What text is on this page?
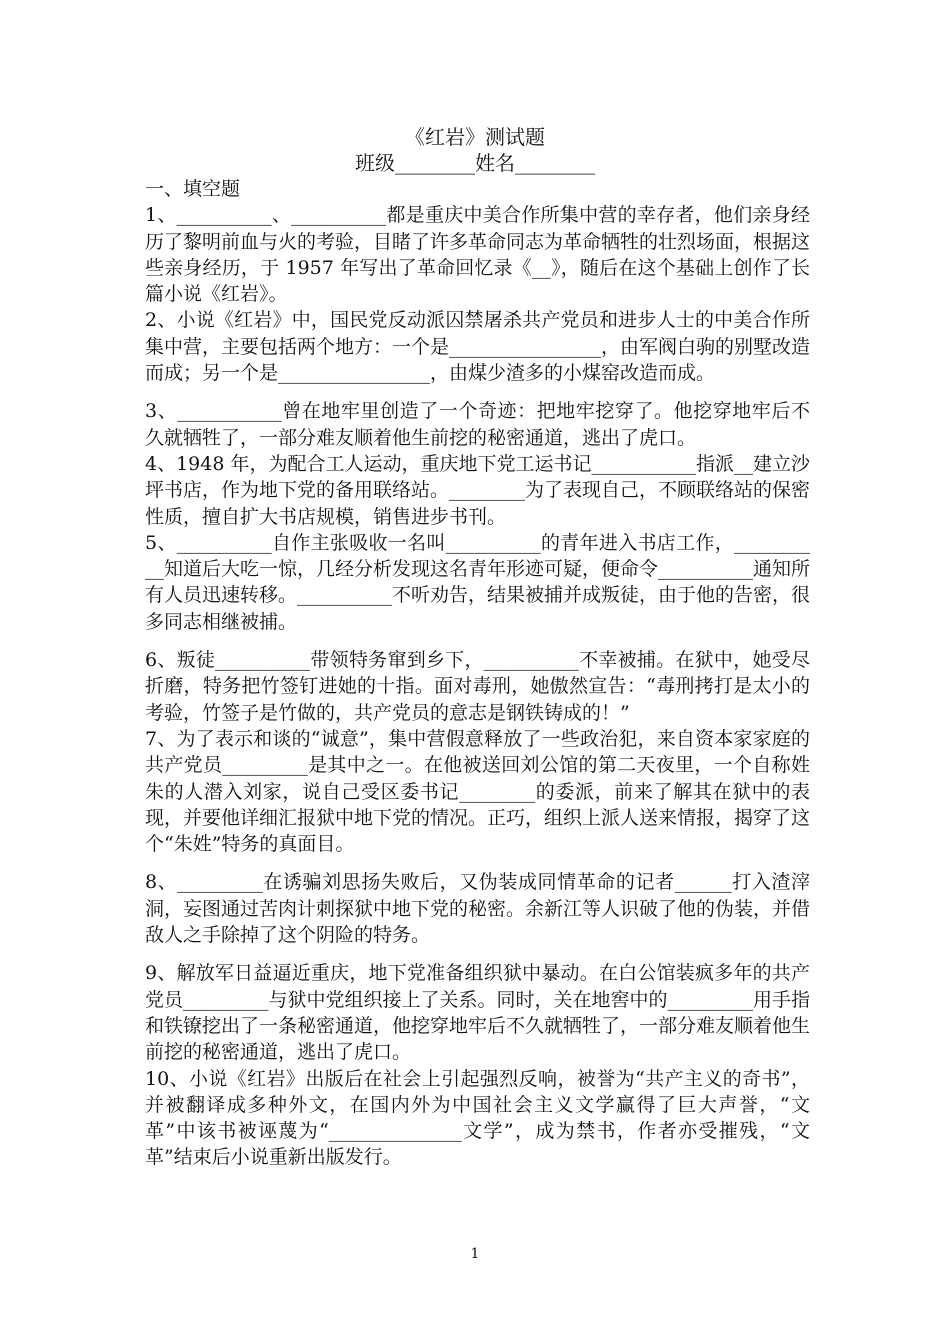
《红岩》测试题
班级________姓名________

一、填空题

1、__________、__________都是重庆中美合作所集中营的幸存者，他们亲身经历了黎明前血与火的考验，目睹了许多革命同志为革命牺牲的壮烈场面，根据这些亲身经历，于 1957 年写出了革命回忆录《__》，随后在这个基础上创作了长篇小说《红岩》。

2、小说《红岩》中，国民党反动派囚禁屠杀共产党员和进步人士的中美合作所集中营，主要包括两个地方：一个是________________，由军阀白驹的别墅改造而成；另一个是________________，由煤少渣多的小煤窑改造而成。

3、___________曾在地牢里创造了一个奇迹：把地牢挖穿了。他挖穿地牢后不久就牺牲了，一部分难友顺着他生前挖的秘密通道，逃出了虎口。

4、1948 年，为配合工人运动，重庆地下党工运书记___________指派__建立沙坪书店，作为地下党的备用联络站。________为了表现自己，不顾联络站的保密性质，擅自扩大书店规模，销售进步书刊。

5、__________自作主张吸收一名叫__________的青年进入书店工作，__________知道后大吃一惊，几经分析发现这名青年形迹可疑，便命令__________通知所有人员迅速转移。__________不听劝告，结果被捕并成叛徒，由于他的告密，很多同志相继被捕。

6、叛徒__________带领特务窜到乡下，__________不幸被捕。在狱中，她受尽折磨，特务把竹签钉进她的十指。面对毒刑，她傲然宣告：“毒刑拷打是太小的考验，竹签子是竹做的，共产党员的意志是钢铁铸成的！”

7、为了表示和谈的“诚意”，集中营假意释放了一些政治犯，来自资本家家庭的共产党员_________是其中之一。在他被送回刘公馆的第二天夜里，一个自称姓朱的人潜入刘家，说自己受区委书记________的委派，前来了解其在狱中的表现，并要他详细汇报狱中地下党的情况。正巧，组织上派人送来情报，揭穿了这个“朱姓”特务的真面目。

8、_________在诱骗刘思扬失败后，又伪装成同情革命的记者______打入渣滓洞，妄图通过苦肉计刺探狱中地下党的秘密。余新江等人识破了他的伪装，并借敌人之手除掉了这个阴险的特务。

9、解放军日益逼近重庆，地下党准备组织狱中暴动。在白公馆装疯多年的共产党员_________与狱中党组织接上了关系。同时，关在地窖中的_________用手指和铁镣挖出了一条秘密通道，他挖穿地牢后不久就牺牲了，一部分难友顺着他生前挖的秘密通道，逃出了虎口。

10、小说《红岩》出版后在社会上引起强烈反响，被誉为“共产主义的奇书”，并被翻译成多种外文，在国内外为中国社会主义文学赢得了巨大声誉，“文革”中该书被诬蔑为“______________文学”，成为禁书，作者亦受摧残，“文革”结束后小说重新出版发行。

1
